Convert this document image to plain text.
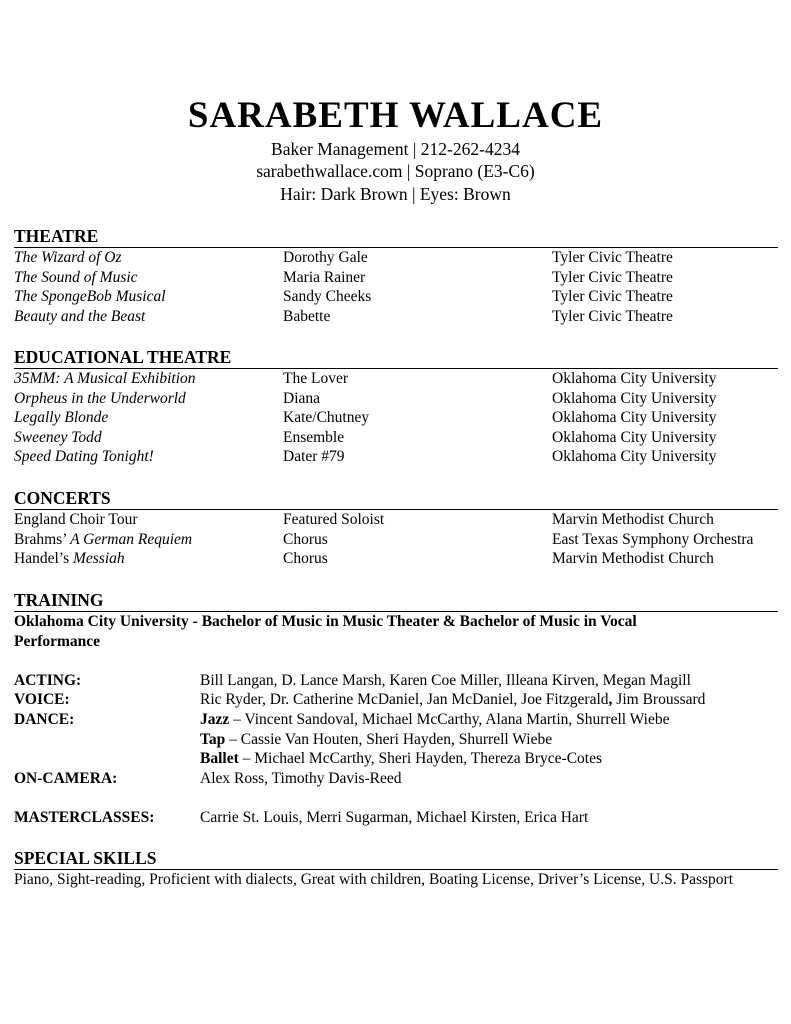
SARABETH WALLACE
Baker Management | 212-262-4234
sarabethwallace.com | Soprano (E3-C6)
Hair: Dark Brown | Eyes: Brown
THEATRE
The Wizard of Oz	Dorothy Gale	Tyler Civic Theatre
The Sound of Music	Maria Rainer	Tyler Civic Theatre
The SpongeBob Musical	Sandy Cheeks	Tyler Civic Theatre
Beauty and the Beast	Babette	Tyler Civic Theatre
EDUCATIONAL THEATRE
35MM: A Musical Exhibition	The Lover	Oklahoma City University
Orpheus in the Underworld	Diana	Oklahoma City University
Legally Blonde	Kate/Chutney	Oklahoma City University
Sweeney Todd	Ensemble	Oklahoma City University
Speed Dating Tonight!	Dater #79	Oklahoma City University
CONCERTS
England Choir Tour	Featured Soloist	Marvin Methodist Church
Brahms’ A German Requiem	Chorus	East Texas Symphony Orchestra
Handel’s Messiah	Chorus	Marvin Methodist Church
TRAINING
Oklahoma City University - Bachelor of Music in Music Theater & Bachelor of Music in Vocal Performance
ACTING:	Bill Langan, D. Lance Marsh, Karen Coe Miller, Illeana Kirven, Megan Magill
VOICE:	Ric Ryder, Dr. Catherine McDaniel, Jan McDaniel, Joe Fitzgerald, Jim Broussard
DANCE:	Jazz – Vincent Sandoval, Michael McCarthy, Alana Martin, Shurrell Wiebe
Tap – Cassie Van Houten, Sheri Hayden, Shurrell Wiebe
Ballet – Michael McCarthy, Sheri Hayden, Thereza Bryce-Cotes
ON-CAMERA:	Alex Ross, Timothy Davis-Reed
MASTERCLASSES:	Carrie St. Louis, Merri Sugarman, Michael Kirsten, Erica Hart
SPECIAL SKILLS
Piano, Sight-reading, Proficient with dialects, Great with children, Boating License, Driver’s License, U.S. Passport
